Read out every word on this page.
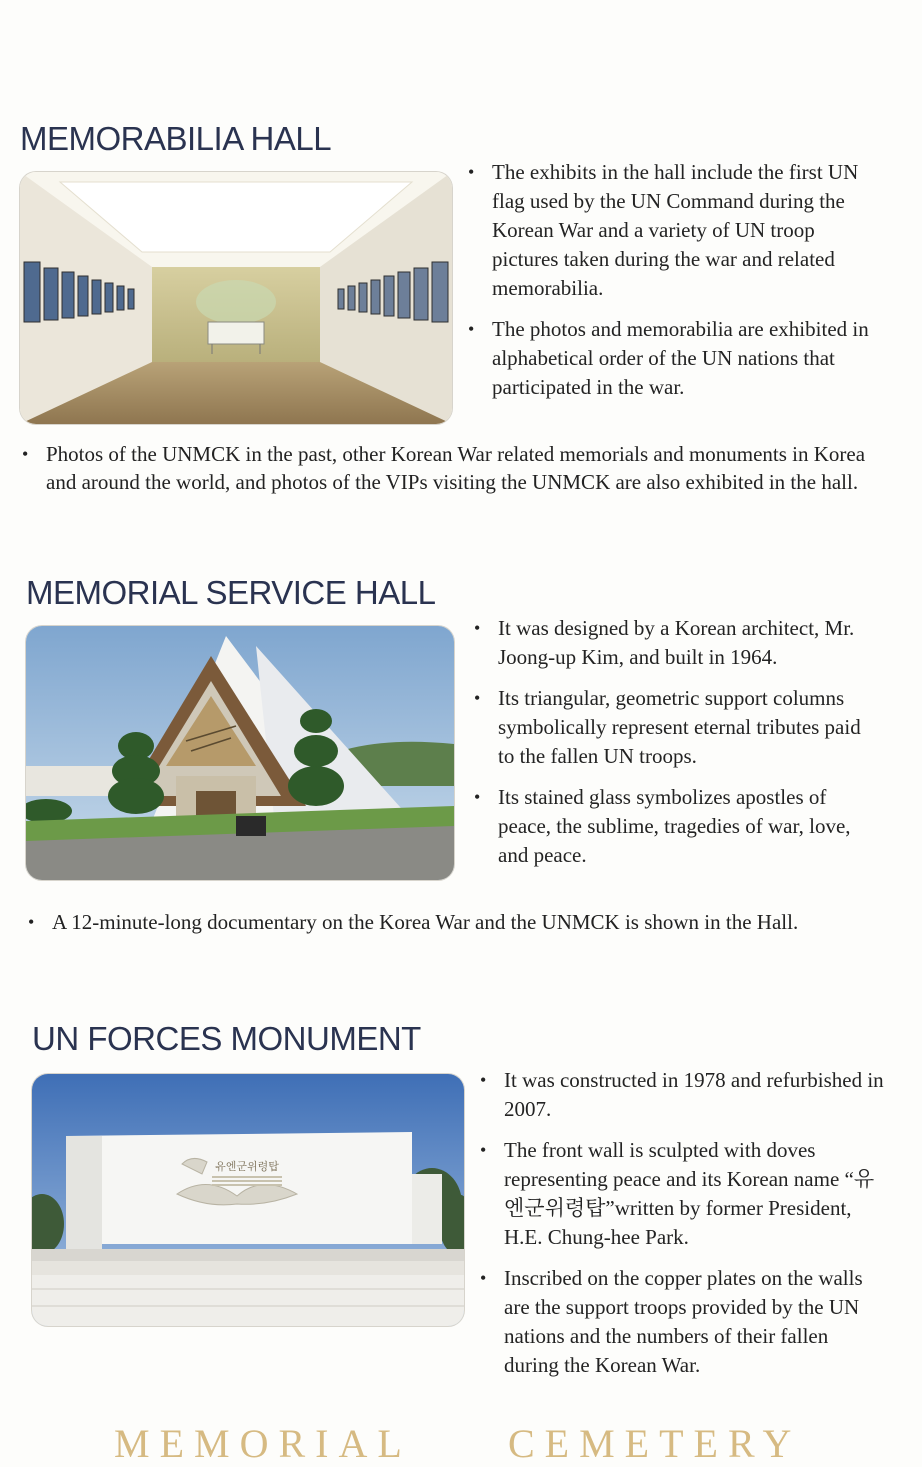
MEMORABILIA HALL
• The exhibits in the hall include the first UN flag used by the UN Command during the Korean War and a variety of UN troop pictures taken during the war and related memorabilia.
• The photos and memorabilia are exhibited in alphabetical order of the UN nations that participated in the war.
• Photos of the UNMCK in the past, other Korean War related memorials and monuments in Korea and around the world, and photos of the VIPs visiting the UNMCK are also exhibited in the hall.
MEMORIAL SERVICE HALL
• It was designed by a Korean architect, Mr. Joong-up Kim, and built in 1964.
• Its triangular, geometric support columns symbolically represent eternal tributes paid to the fallen UN troops.
• Its stained glass symbolizes apostles of peace, the sublime, tragedies of war, love, and peace.
• A 12-minute-long documentary on the Korea War and the UNMCK is shown in the Hall.
UN FORCES MONUMENT
유엔군위령탑
• It was constructed in 1978 and refurbished in 2007.
• The front wall is sculpted with doves representing peace and its Korean name “유엔군위령탑”written by former President, H.E. Chung-hee Park.
• Inscribed on the copper plates on the walls are the support troops provided by the UN nations and the numbers of their fallen during the Korean War.
MEMORIAL CEMETERY
